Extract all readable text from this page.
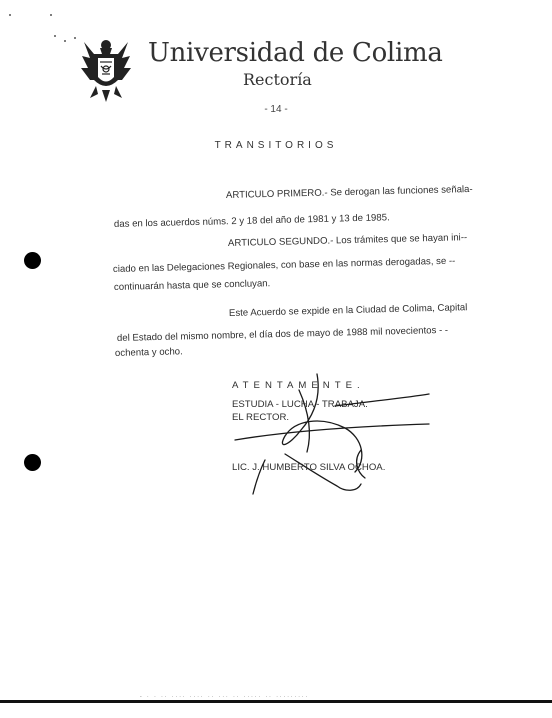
Universidad de Colima
Rectoría
- 14 -
TRANSITORIOS
ARTICULO PRIMERO.- Se derogan las funciones señala-
das en los acuerdos núms. 2 y 18 del año de 1981 y 13 de 1985.
ARTICULO SEGUNDO.- Los trámites que se hayan ini--
ciado en las Delegaciones Regionales, con base en las normas derogadas, se --
continuarán hasta que se concluyan.
Este Acuerdo se expide en la Ciudad de Colima, Capital
del Estado del mismo nombre, el día dos de mayo de 1988 mil novecientos - -
ochenta y ocho.
ATENTAMENTE.
ESTUDIA - LUCHA - TRABAJA.
EL RECTOR.
LIC. J. HUMBERTO SILVA OCHOA.
- · · ·· ···· ···· ·· ··· ·· ····· ·· ·········
